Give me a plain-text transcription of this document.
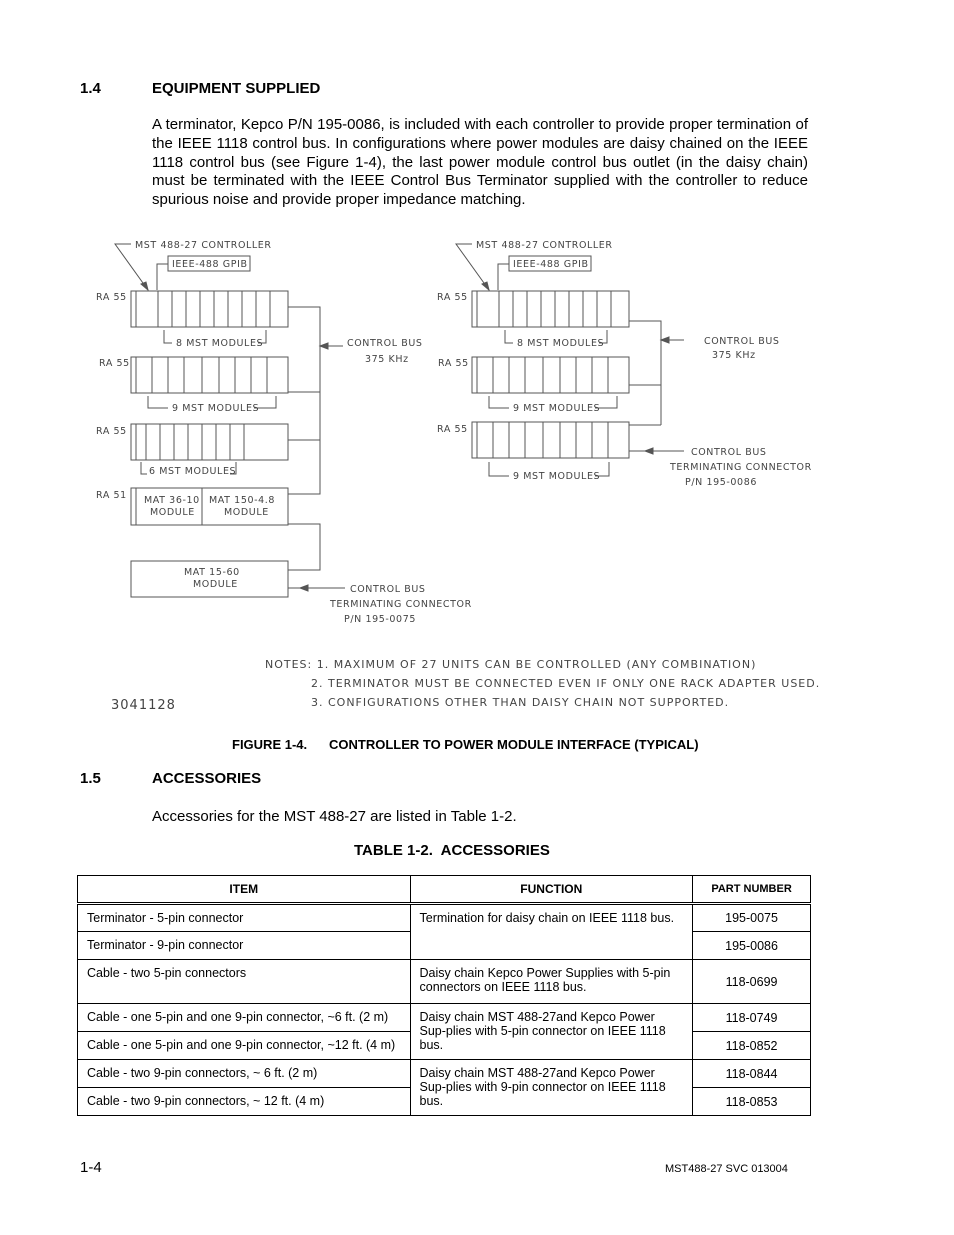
1.4	EQUIPMENT SUPPLIED
A terminator, Kepco P/N 195-0086, is included with each controller to provide proper termination of the IEEE 1118 control bus. In configurations where power modules are daisy chained on the IEEE 1118 control bus (see Figure 1-4), the last power module control bus outlet (in the daisy chain) must be terminated with the IEEE Control Bus Terminator supplied with the controller to reduce spurious noise and provide proper impedance matching.
MST 488-27 CONTROLLER
IEEE-488 GPIB
RA 55
8 MST MODULES	CONTROL BUS
375 KHz
RA 55
9 MST MODULES
RA 55
6 MST MODULES
RA 51 MAT 36-10
MODULE
MAT 150-4.8
MODULE
MAT 15-60
MODULE	CONTROL BUS
TERMINATING CONNECTOR
P/N 195-0075
MST 488-27 CONTROLLER
IEEE-488 GPIB
RA 55
8 MST MODULES	CONTROL BUS
375 KHz
RA 55
9 MST MODULES
RA 55
9 MST MODULES
CONTROL BUS
TERMINATING CONNECTOR
P/N 195-0086
NOTES: 1. MAXIMUM OF 27 UNITS CAN BE CONTROLLED (ANY COMBINATION)
2. TERMINATOR MUST BE CONNECTED EVEN IF ONLY ONE RACK ADAPTER USED.
3. CONFIGURATIONS OTHER THAN DAISY CHAIN NOT SUPPORTED.
3041128
FIGURE 1-4. CONTROLLER TO POWER MODULE INTERFACE (TYPICAL)
1.5	ACCESSORIES
Accessories for the MST 488-27 are listed in Table 1-2.
TABLE 1-2.  ACCESSORIES
ITEM	FUNCTION	PART NUMBER
Terminator - 5-pin connector	Termination for daisy chain on IEEE 1118 bus.	195-0075
Terminator - 9-pin connector		195-0086
Cable - two 5-pin connectors	Daisy chain Kepco Power Supplies with 5-pin connectors on IEEE 1118 bus.	118-0699
Cable - one 5-pin and one 9-pin connector, ~6 ft. (2 m)	Daisy chain MST 488-27and Kepco Power Sup-plies with 5-pin connector on IEEE 1118 bus.	118-0749
Cable - one 5-pin and one 9-pin connector, ~12 ft. (4 m)		118-0852
Cable - two 9-pin connectors, ~ 6 ft. (2 m)	Daisy chain MST 488-27and Kepco Power Sup-plies with 9-pin connector on IEEE 1118 bus.	118-0844
Cable - two 9-pin connectors, ~ 12 ft. (4 m)		118-0853
1-4	MST488-27 SVC 013004
